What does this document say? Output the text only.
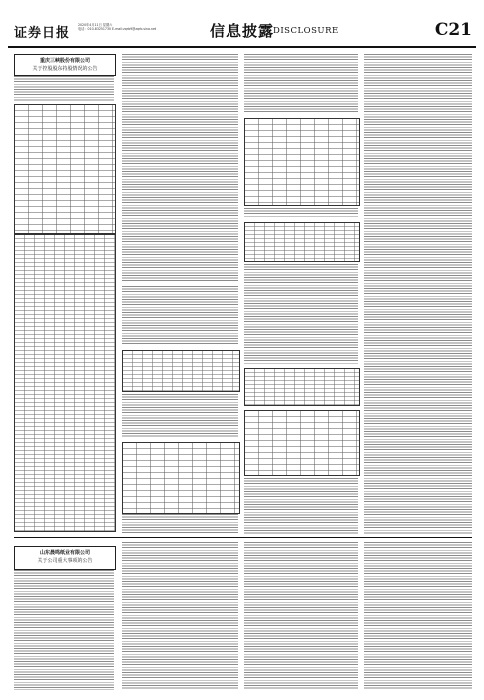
证券日报
2020年4月11日 星期六
电话：010-83251730 E-mail:zqrb9@zqrb.sina.net	信息披露
DISCLOSURE	C21
重庆三峡股份有限公司
关于控股股东持股情况的公告
山东晨鸣纸业有限公司
关于公司重大事项的公告
